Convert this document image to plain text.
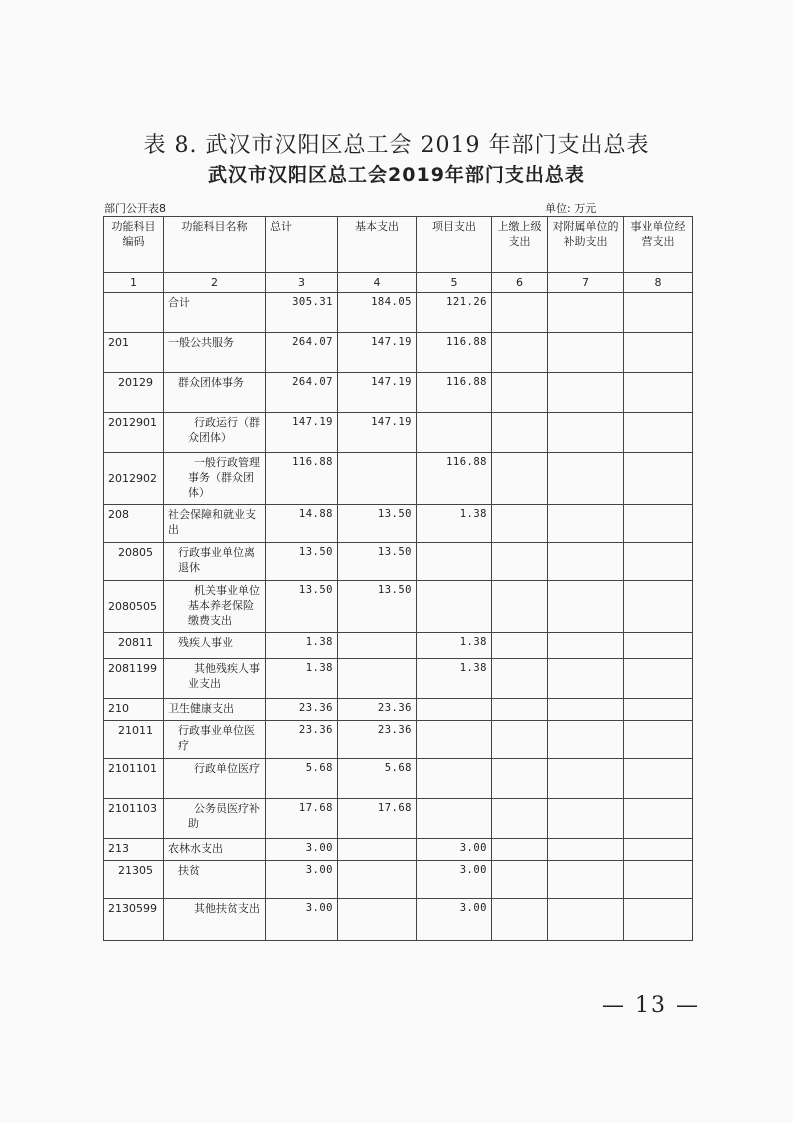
表 8. 武汉市汉阳区总工会 2019 年部门支出总表
武汉市汉阳区总工会2019年部门支出总表
部门公开表8	单位: 万元
功能科目编码	功能科目名称	总计	基本支出	项目支出	上缴上级支出	对附属单位的补助支出	事业单位经营支出
1	2	3	4	5	6	7	8
	合计	305.31	184.05	121.26			
201	一般公共服务	264.07	147.19	116.88			
20129	群众团体事务	264.07	147.19	116.88			
2012901	行政运行（群众团体）	147.19	147.19				
2012902	一般行政管理事务（群众团体）	116.88		116.88			
208	社会保障和就业支出	14.88	13.50	1.38			
20805	行政事业单位离退休	13.50	13.50				
2080505	机关事业单位基本养老保险缴费支出	13.50	13.50				
20811	残疾人事业	1.38		1.38			
2081199	其他残疾人事业支出	1.38		1.38			
210	卫生健康支出	23.36	23.36				
21011	行政事业单位医疗	23.36	23.36				
2101101	行政单位医疗	5.68	5.68				
2101103	公务员医疗补助	17.68	17.68				
213	农林水支出	3.00		3.00			
21305	扶贫	3.00		3.00			
2130599	其他扶贫支出	3.00		3.00			
— 13 —
